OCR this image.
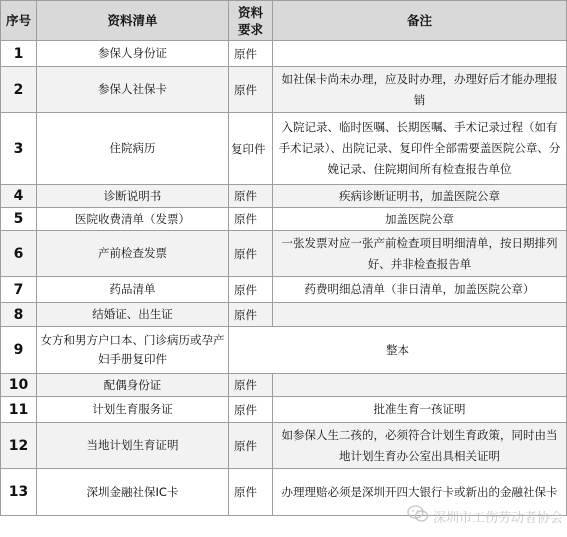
序号	资料清单	资料要求	备注
1	参保人身份证	原件	
2	参保人社保卡	原件	如社保卡尚未办理，应及时办理，办理好后才能办理报销
3	住院病历	复印件	入院记录、临时医嘱、长期医嘱、手术记录过程（如有手术记录）、出院记录、复印件全部需要盖医院公章、分娩记录、住院期间所有检查报告单位
4	诊断说明书	原件	疾病诊断证明书，加盖医院公章
5	医院收费清单（发票）	原件	加盖医院公章
6	产前检查发票	原件	一张发票对应一张产前检查项目明细清单，按日期排列好、并非检查报告单
7	药品清单	原件	药费明细总清单（非日清单，加盖医院公章）
8	结婚证、出生证	原件	
9	女方和男方户口本、门诊病历或孕产妇手册复印件	整本	
10	配偶身份证	原件	
11	计划生育服务证	原件	批准生育一孩证明
12	当地计划生育证明	原件	如参保人生二孩的，必须符合计划生育政策，同时由当地计划生育办公室出具相关证明
13	深圳金融社保IC卡	原件	办理理赔必须是深圳开四大银行卡或新出的金融社保卡
深圳市工伤劳动者协会
